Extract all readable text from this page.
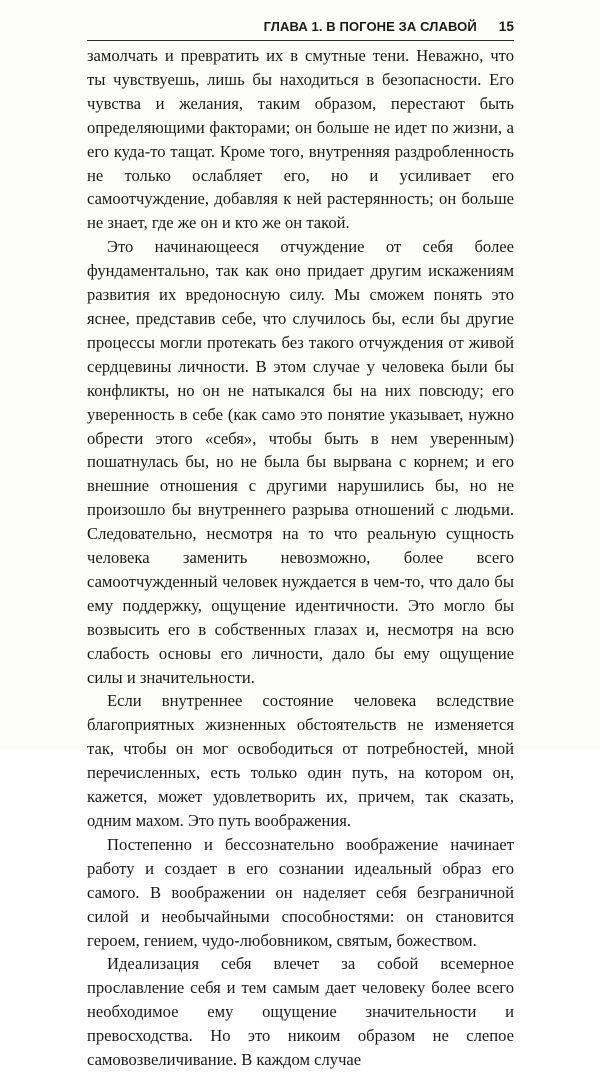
ГЛАВА 1. В ПОГОНЕ ЗА СЛАВОЙ 15

замолчать и превратить их в смутные тени. Неважно, что ты чувствуешь, лишь бы находиться в безопасности. Его чувства и желания, таким образом, перестают быть определяющими факторами; он больше не идет по жизни, а его куда-то тащат. Кроме того, внутренняя раздробленность не только ослабляет его, но и усиливает его самоотчуждение, добавляя к ней растерянность; он больше не знает, где же он и кто же он такой.

Это начинающееся отчуждение от себя более фундаментально, так как оно придает другим искажениям развития их вредоносную силу. Мы сможем понять это яснее, представив себе, что случилось бы, если бы другие процессы могли протекать без такого отчуждения от живой сердцевины личности. В этом случае у человека были бы конфликты, но он не натыкался бы на них повсюду; его уверенность в себе (как само это понятие указывает, нужно обрести этого «себя», чтобы быть в нем уверенным) пошатнулась бы, но не была бы вырвана с корнем; и его внешние отношения с другими нарушились бы, но не произошло бы внутреннего разрыва отношений с людьми. Следовательно, несмотря на то что реальную сущность человека заменить невозможно, более всего самоотчужденный человек нуждается в чем-то, что дало бы ему поддержку, ощущение идентичности. Это могло бы возвысить его в собственных глазах и, несмотря на всю слабость основы его личности, дало бы ему ощущение силы и значительности.

Если внутреннее состояние человека вследствие благоприятных жизненных обстоятельств не изменяется так, чтобы он мог освободиться от потребностей, мной перечисленных, есть только один путь, на котором он, кажется, может удовлетворить их, причем, так сказать, одним махом. Это путь воображения.

Постепенно и бессознательно воображение начинает работу и создает в его сознании идеальный образ его самого. В воображении он наделяет себя безграничной силой и необычайными способностями: он становится героем, гением, чудо-любовником, святым, божеством.

Идеализация себя влечет за собой всемерное прославление себя и тем самым дает человеку более всего необходимое ему ощущение значительности и превосходства. Но это никоим образом не слепое самовозвеличивание. В каждом случае
